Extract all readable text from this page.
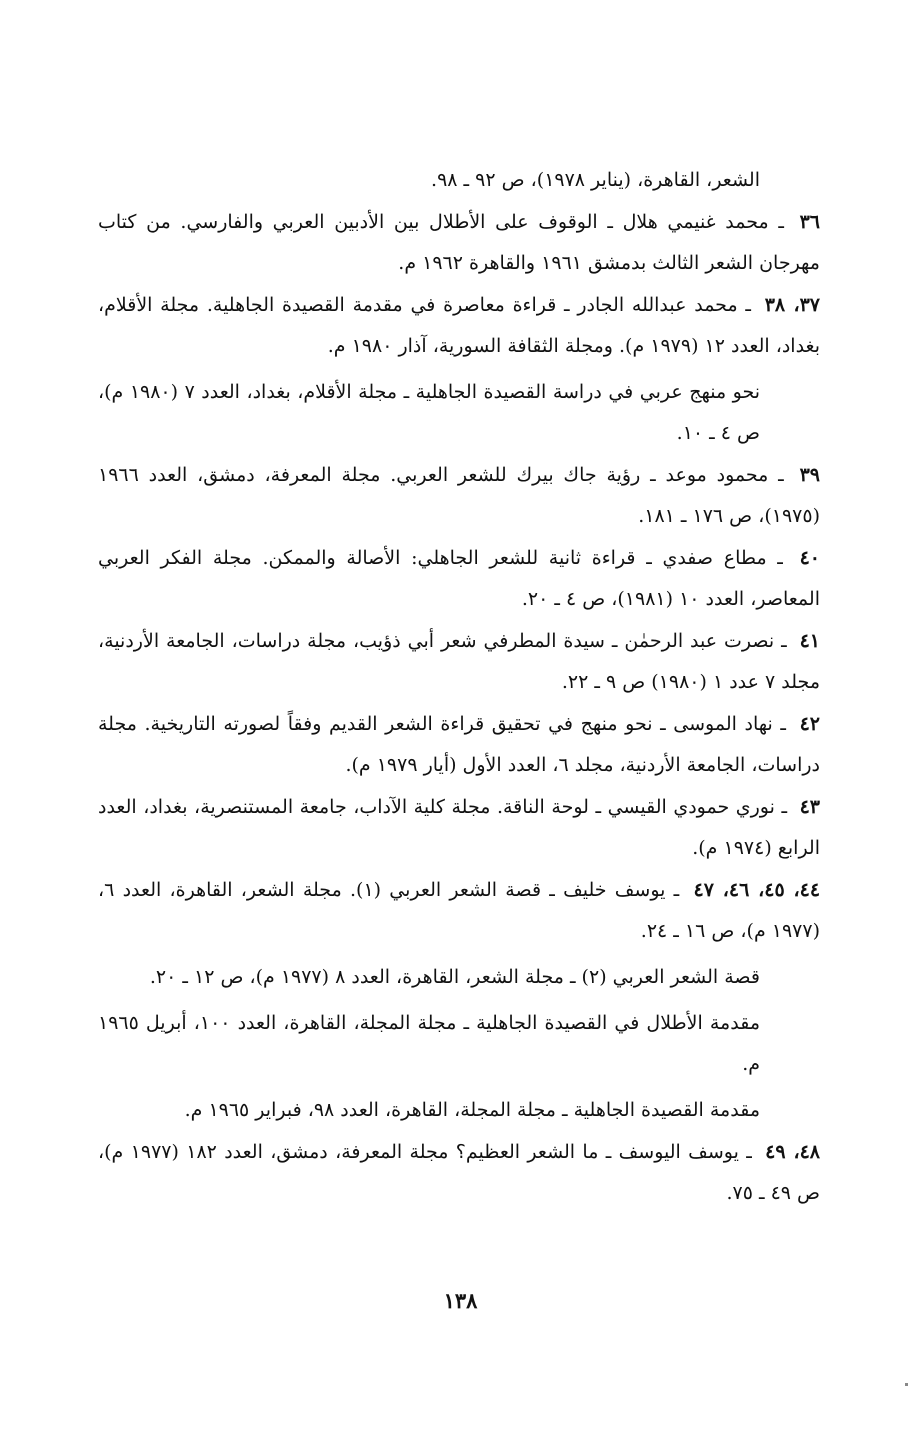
الشعر، القاهرة، (يناير ١٩٧٨)، ص ٩٢ ـ ٩٨.
٣٦ ـ محمد غنيمي هلال ـ الوقوف على الأطلال بين الأدبين العربي والفارسي. من كتاب مهرجان الشعر الثالث بدمشق ١٩٦١ والقاهرة ١٩٦٢ م.
٣٧، ٣٨ ـ محمد عبدالله الجادر ـ قراءة معاصرة في مقدمة القصيدة الجاهلية. مجلة الأقلام، بغداد، العدد ١٢ (١٩٧٩ م). ومجلة الثقافة السورية، آذار ١٩٨٠ م.
نحو منهج عربي في دراسة القصيدة الجاهلية ـ مجلة الأقلام، بغداد، العدد ٧ (١٩٨٠ م)، ص ٤ ـ ١٠.
٣٩ ـ محمود موعد ـ رؤية جاك بيرك للشعر العربي. مجلة المعرفة، دمشق، العدد ١٩٦٦ (١٩٧٥)، ص ١٧٦ ـ ١٨١.
٤٠ ـ مطاع صفدي ـ قراءة ثانية للشعر الجاهلي: الأصالة والممكن. مجلة الفكر العربي المعاصر، العدد ١٠ (١٩٨١)، ص ٤ ـ ٢٠.
٤١ ـ نصرت عبد الرحمٰن ـ سيدة المطرفي شعر أبي ذؤيب، مجلة دراسات، الجامعة الأردنية، مجلد ٧ عدد ١ (١٩٨٠) ص ٩ ـ ٢٢.
٤٢ ـ نهاد الموسى ـ نحو منهج في تحقيق قراءة الشعر القديم وفقاً لصورته التاريخية. مجلة دراسات، الجامعة الأردنية، مجلد ٦، العدد الأول (أيار ١٩٧٩ م).
٤٣ ـ نوري حمودي القيسي ـ لوحة الناقة. مجلة كلية الآداب، جامعة المستنصرية، بغداد، العدد الرابع (١٩٧٤ م).
٤٤، ٤٥، ٤٦، ٤٧ ـ يوسف خليف ـ قصة الشعر العربي (١). مجلة الشعر، القاهرة، العدد ٦، (١٩٧٧ م)، ص ١٦ ـ ٢٤.
قصة الشعر العربي (٢) ـ مجلة الشعر، القاهرة، العدد ٨ (١٩٧٧ م)، ص ١٢ ـ ٢٠.
مقدمة الأطلال في القصيدة الجاهلية ـ مجلة المجلة، القاهرة، العدد ١٠٠، أبريل ١٩٦٥ م.
مقدمة القصيدة الجاهلية ـ مجلة المجلة، القاهرة، العدد ٩٨، فبراير ١٩٦٥ م.
٤٨، ٤٩ ـ يوسف اليوسف ـ ما الشعر العظيم؟ مجلة المعرفة، دمشق، العدد ١٨٢ (١٩٧٧ م)، ص ٤٩ ـ ٧٥.
١٣٨
